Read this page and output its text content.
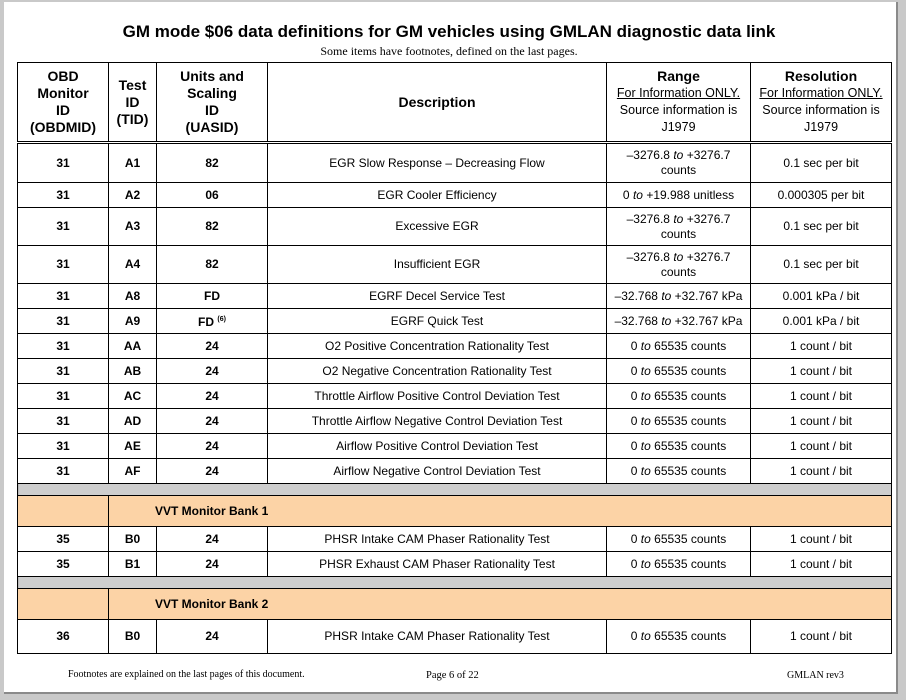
GM mode $06 data definitions for GM vehicles using GMLAN diagnostic data link
Some items have footnotes, defined on the last pages.
OBD
Monitor
ID
(OBDMID)	Test
ID
(TID)	Units and
Scaling
ID
(UASID)	Description	Range
For Information ONLY.
Source information is
J1979	Resolution
For Information ONLY.
Source information is
J1979

31	A1	82	EGR Slow Response – Decreasing Flow	–3276.8 to +3276.7 counts	0.1 sec per bit
31	A2	06	EGR Cooler Efficiency	0 to +19.988 unitless	0.000305 per bit
31	A3	82	Excessive EGR	–3276.8 to +3276.7 counts	0.1 sec per bit
31	A4	82	Insufficient EGR	–3276.8 to +3276.7 counts	0.1 sec per bit
31	A8	FD	EGRF Decel Service Test	–32.768 to +32.767 kPa	0.001 kPa / bit
31	A9	FD $^{(6)}$	EGRF Quick Test	–32.768 to +32.767 kPa	0.001 kPa / bit
31	AA	24	O2 Positive Concentration Rationality Test	0 to 65535 counts	1 count / bit
31	AB	24	O2 Negative Concentration Rationality Test	0 to 65535 counts	1 count / bit
31	AC	24	Throttle Airflow Positive Control Deviation Test	0 to 65535 counts	1 count / bit
31	AD	24	Throttle Airflow Negative Control Deviation Test	0 to 65535 counts	1 count / bit
31	AE	24	Airflow Positive Control Deviation Test	0 to 65535 counts	1 count / bit
31	AF	24	Airflow Negative Control Deviation Test	0 to 65535 counts	1 count / bit

	VVT Monitor Bank 1				
35	B0	24	PHSR Intake CAM Phaser Rationality Test	0 to 65535 counts	1 count / bit
35	B1	24	PHSR Exhaust CAM Phaser Rationality Test	0 to 65535 counts	1 count / bit

	VVT Monitor Bank 2				
36	B0	24	PHSR Intake CAM Phaser Rationality Test	0 to 65535 counts	1 count / bit
Footnotes are explained on the last pages of this document.	Page 6 of 22	GMLAN rev3
